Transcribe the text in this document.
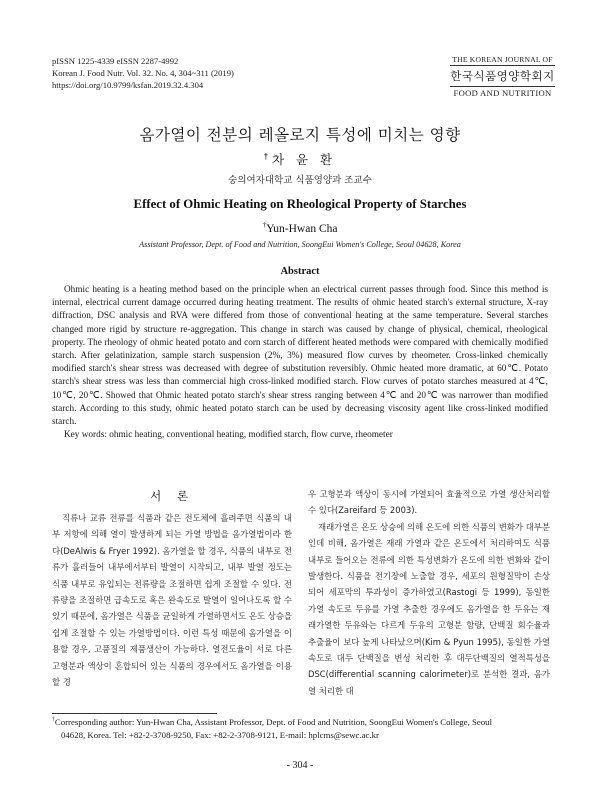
pISSN 1225-4339 eISSN 2287-4992
Korean J. Food Nutr. Vol. 32. No. 4, 304~311 (2019)
https://doi.org/10.9799/ksfan.2019.32.4.304
THE KOREAN JOURNAL OF
한국식품영양학회지
FOOD AND NUTRITION
옴가열이 전분의 레올로지 특성에 미치는 영향
†차 윤 환
숭의여자대학교 식품영양과 조교수
Effect of Ohmic Heating on Rheological Property of Starches
†Yun-Hwan Cha
Assistant Professor, Dept. of Food and Nutrition, SoongEui Women's College, Seoul 04628, Korea
Abstract

Ohmic heating is a heating method based on the principle when an electrical current passes through food. Since this method is internal, electrical current damage occurred during heating treatment. The results of ohmic heated starch's external structure, X-ray diffraction, DSC analysis and RVA were differed from those of conventional heating at the same temperature. Several starches changed more rigid by structure re-aggregation. This change in starch was caused by change of physical, chemical, rheological property. The rheology of ohmic heated potato and corn starch of different heated methods were compared with chemically modified starch. After gelatinization, sample starch suspension (2%, 3%) measured flow curves by rheometer. Cross-linked chemically modified starch's shear stress was decreased with degree of substitution reversibly. Ohmic heated more dramatic, at 60℃. Potato starch's shear stress was less than commercial high cross-linked modified starch. Flow curves of potato starches measured at 4℃, 10℃, 20℃. Showed that Ohmic heated potato starch's shear stress ranging between 4℃ and 20℃ was narrower than modified starch. According to this study, ohmic heated potato starch can be used by decreasing viscosity agent like cross-linked modified starch.

Key words: ohmic heating, conventional heating, modified starch, flow curve, rheometer

서 론

직류나 교류 전류를 식품과 같은 전도체에 흘려주면 식품의 내부 저항에 의해 열이 발생하게 되는 가열 방법을 옴가열법이라 한다(DeAlwis & Fryer 1992). 옴가열을 할 경우, 식품의 내부로 전류가 흘러들어 내부에서부터 발열이 시작되고, 내부 발열 정도는 식품 내부로 유입되는 전류량을 조절하면 쉽게 조절할 수 있다. 전류량을 조절하면 급속도로 혹은 완속도로 발열이 일어나도록 할 수 있기 때문에, 옴가열은 식품을 균일하게 가열하면서도 온도 상승을 쉽게 조절할 수 있는 가열방법이다. 이런 특성 때문에 옴가열을 이용할 경우, 고품질의 제품생산이 가능하다. 열전도율이 서로 다른 고형분과 액상이 혼합되어 있는 식품의 경우에서도 옴가열을 이용할 경

우 고형분과 액상이 동시에 가열되어 효율적으로 가열 생산처리할 수 있다(Zareifard 등 2003).

재래가열은 온도 상승에 의해 온도에 의한 식품의 변화가 대부분인데 비해, 옴가열은 재래 가열과 같은 온도에서 처리하여도 식품 내부로 들어오는 전류에 의한 특성변화가 온도에 의한 변화와 같이 발생한다. 식품을 전기장에 노출할 경우, 세포의 원형질막이 손상되어 세포막의 투과성이 증가하였고(Rastogi 등 1999), 동일한 가열 속도로 두유를 가열 추출한 경우에도 옴가열을 한 두유는 재래가열한 두유와는 다르게 두유의 고형분 함량, 단백질 회수율과 추출율이 보다 높게 나타났으며(Kim & Pyun 1995), 동일한 가열 속도로 대두 단백질을 변성 처리한 후 대두단백질의 열적특성을 DSC(differential scanning calorimeter)로 분석한 결과, 옴가열 처리한 대

†Corresponding author: Yun-Hwan Cha, Assistant Professor, Dept. of Food and Nutrition, SoongEui Women's College, Seoul
04628, Korea. Tel: +82-2-3708-9250, Fax: +82-2-3708-9121, E-mail: hplcms@sewc.ac.kr
- 304 -
